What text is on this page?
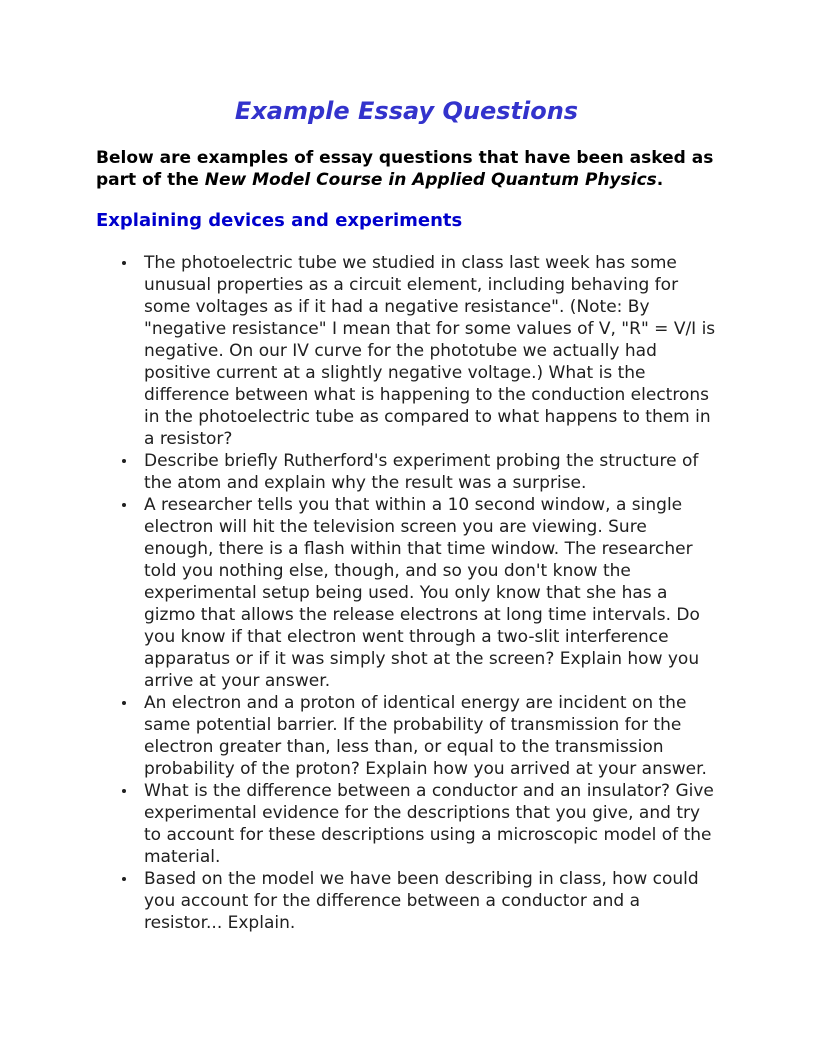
Example Essay Questions

Below are examples of essay questions that have been asked as part of the New Model Course in Applied Quantum Physics.

Explaining devices and experiments
The photoelectric tube we studied in class last week has some unusual properties as a circuit element, including behaving for some voltages as if it had a negative resistance". (Note: By "negative resistance" I mean that for some values of V, "R" = V/I is negative. On our IV curve for the phototube we actually had positive current at a slightly negative voltage.) What is the difference between what is happening to the conduction electrons in the photoelectric tube as compared to what happens to them in a resistor?
Describe briefly Rutherford's experiment probing the structure of the atom and explain why the result was a surprise.
A researcher tells you that within a 10 second window, a single electron will hit the television screen you are viewing. Sure enough, there is a flash within that time window. The researcher told you nothing else, though, and so you don't know the experimental setup being used. You only know that she has a gizmo that allows the release electrons at long time intervals. Do you know if that electron went through a two-slit interference apparatus or if it was simply shot at the screen? Explain how you arrive at your answer.
An electron and a proton of identical energy are incident on the same potential barrier. If the probability of transmission for the electron greater than, less than, or equal to the transmission probability of the proton? Explain how you arrived at your answer.
What is the difference between a conductor and an insulator? Give experimental evidence for the descriptions that you give, and try to account for these descriptions using a microscopic model of the material.
Based on the model we have been describing in class, how could you account for the difference between a conductor and a resistor... Explain.
